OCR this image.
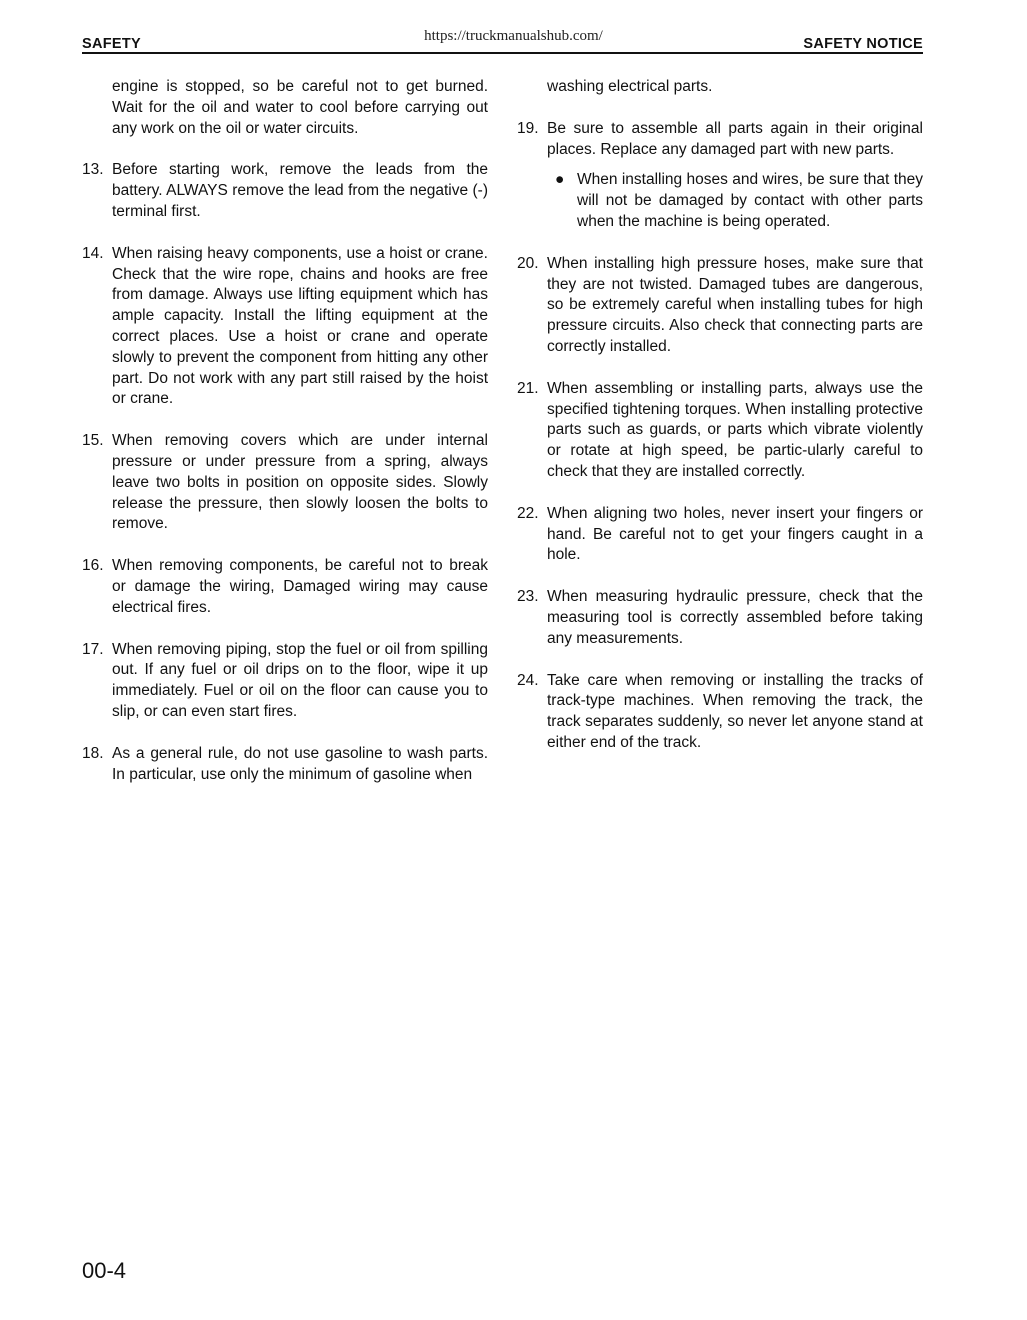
https://truckmanualshub.com/
SAFETY	SAFETY NOTICE
engine is stopped, so be careful not to get burned. Wait for the oil and water to cool before carrying out any work on the oil or water circuits.
13. Before starting work, remove the leads from the battery. ALWAYS remove the lead from the negative (-) terminal first.
14. When raising heavy components, use a hoist or crane. Check that the wire rope, chains and hooks are free from damage. Always use lifting equipment which has ample capacity. Install the lifting equipment at the correct places. Use a hoist or crane and operate slowly to prevent the component from hitting any other part. Do not work with any part still raised by the hoist or crane.
15. When removing covers which are under internal pressure or under pressure from a spring, always leave two bolts in position on opposite sides. Slowly release the pressure, then slowly loosen the bolts to remove.
16. When removing components, be careful not to break or damage the wiring, Damaged wiring may cause electrical fires.
17. When removing piping, stop the fuel or oil from spilling out. If any fuel or oil drips on to the floor, wipe it up immediately. Fuel or oil on the floor can cause you to slip, or can even start fires.
18. As a general rule, do not use gasoline to wash parts. In particular, use only the minimum of gasoline when
washing electrical parts.
19. Be sure to assemble all parts again in their original places. Replace any damaged part with new parts.
● When installing hoses and wires, be sure that they will not be damaged by contact with other parts when the machine is being operated.
20. When installing high pressure hoses, make sure that they are not twisted. Damaged tubes are dangerous, so be extremely careful when installing tubes for high pressure circuits. Also check that connecting parts are correctly installed.
21. When assembling or installing parts, always use the specified tightening torques. When installing protective parts such as guards, or parts which vibrate violently or rotate at high speed, be partic-ularly careful to check that they are installed correctly.
22. When aligning two holes, never insert your fingers or hand. Be careful not to get your fingers caught in a hole.
23. When measuring hydraulic pressure, check that the measuring tool is correctly assembled before taking any measurements.
24. Take care when removing or installing the tracks of track-type machines. When removing the track, the track separates suddenly, so never let anyone stand at either end of the track.
00-4
